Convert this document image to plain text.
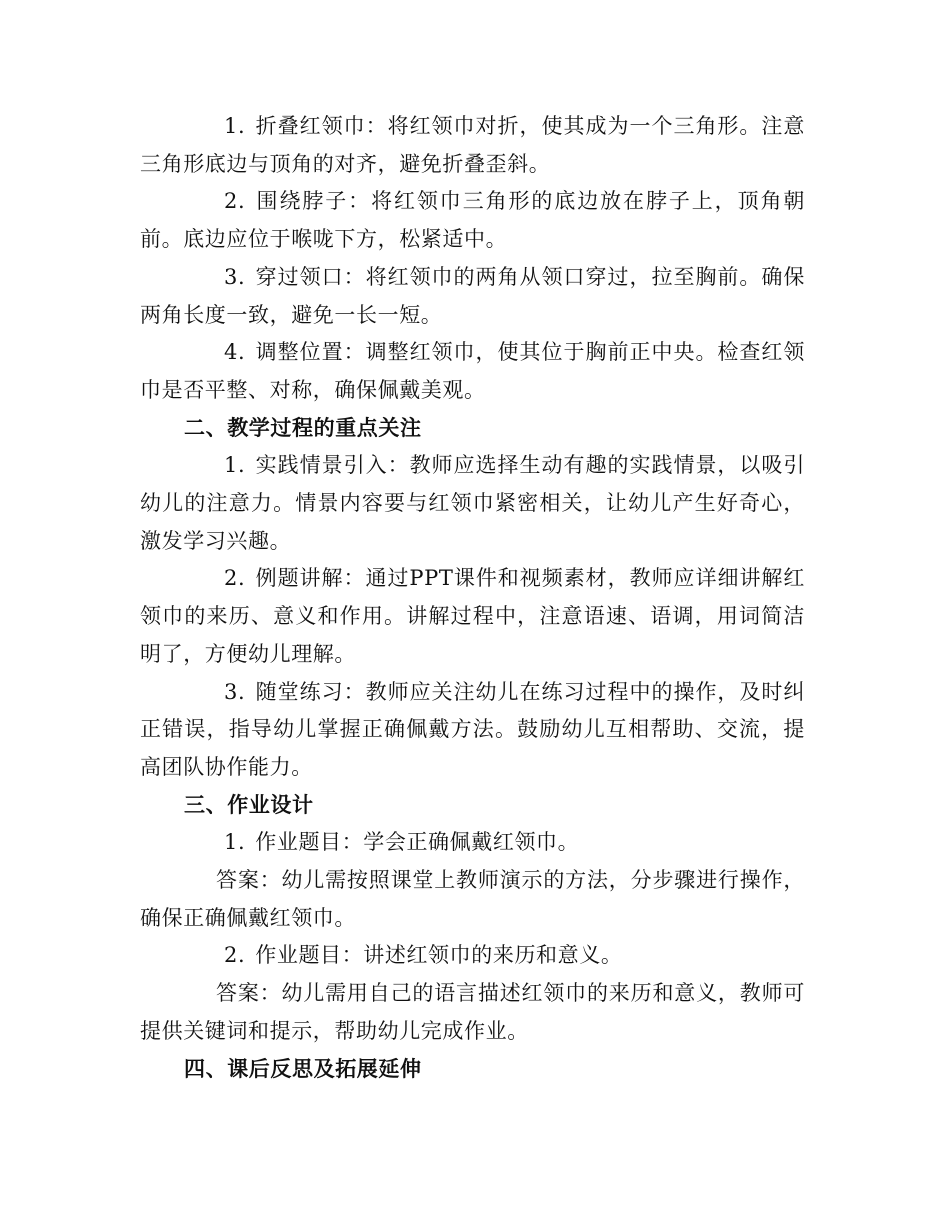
1. 折叠红领巾：将红领巾对折，使其成为一个三角形。注意三角形底边与顶角的对齐，避免折叠歪斜。

2. 围绕脖子：将红领巾三角形的底边放在脖子上，顶角朝前。底边应位于喉咙下方，松紧适中。

3. 穿过领口：将红领巾的两角从领口穿过，拉至胸前。确保两角长度一致，避免一长一短。

4. 调整位置：调整红领巾，使其位于胸前正中央。检查红领巾是否平整、对称，确保佩戴美观。

二、教学过程的重点关注

1. 实践情景引入：教师应选择生动有趣的实践情景，以吸引幼儿的注意力。情景内容要与红领巾紧密相关，让幼儿产生好奇心，激发学习兴趣。

2. 例题讲解：通过PPT课件和视频素材，教师应详细讲解红领巾的来历、意义和作用。讲解过程中，注意语速、语调，用词简洁明了，方便幼儿理解。

3. 随堂练习：教师应关注幼儿在练习过程中的操作，及时纠正错误，指导幼儿掌握正确佩戴方法。鼓励幼儿互相帮助、交流，提高团队协作能力。

三、作业设计

1. 作业题目：学会正确佩戴红领巾。

答案：幼儿需按照课堂上教师演示的方法，分步骤进行操作，确保正确佩戴红领巾。

2. 作业题目：讲述红领巾的来历和意义。

答案：幼儿需用自己的语言描述红领巾的来历和意义，教师可提供关键词和提示，帮助幼儿完成作业。

四、课后反思及拓展延伸
